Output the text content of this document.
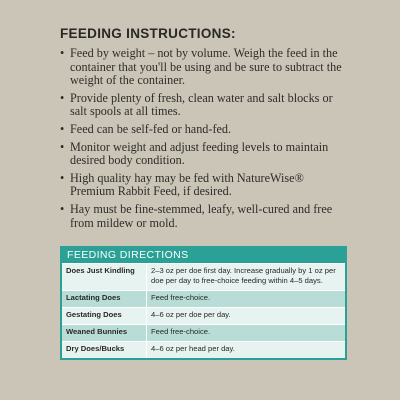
FEEDING INSTRUCTIONS:
• Feed by weight – not by volume. Weigh the feed in the container that you'll be using and be sure to subtract the weight of the container.
• Provide plenty of fresh, clean water and salt blocks or salt spools at all times.
• Feed can be self-fed or hand-fed.
• Monitor weight and adjust feeding levels to maintain desired body condition.
• High quality hay may be fed with NatureWise® Premium Rabbit Feed, if desired.
• Hay must be fine-stemmed, leafy, well-cured and free from mildew or mold.
FEEDING DIRECTIONS
Does Just Kindling	2–3 oz per doe first day. Increase gradually by 1 oz per doe per day to free-choice feeding within 4–5 days.
Lactating Does	Feed free-choice.
Gestating Does	4–6 oz per doe per day.
Weaned Bunnies	Feed free-choice.
Dry Does/Bucks	4–6 oz per head per day.
